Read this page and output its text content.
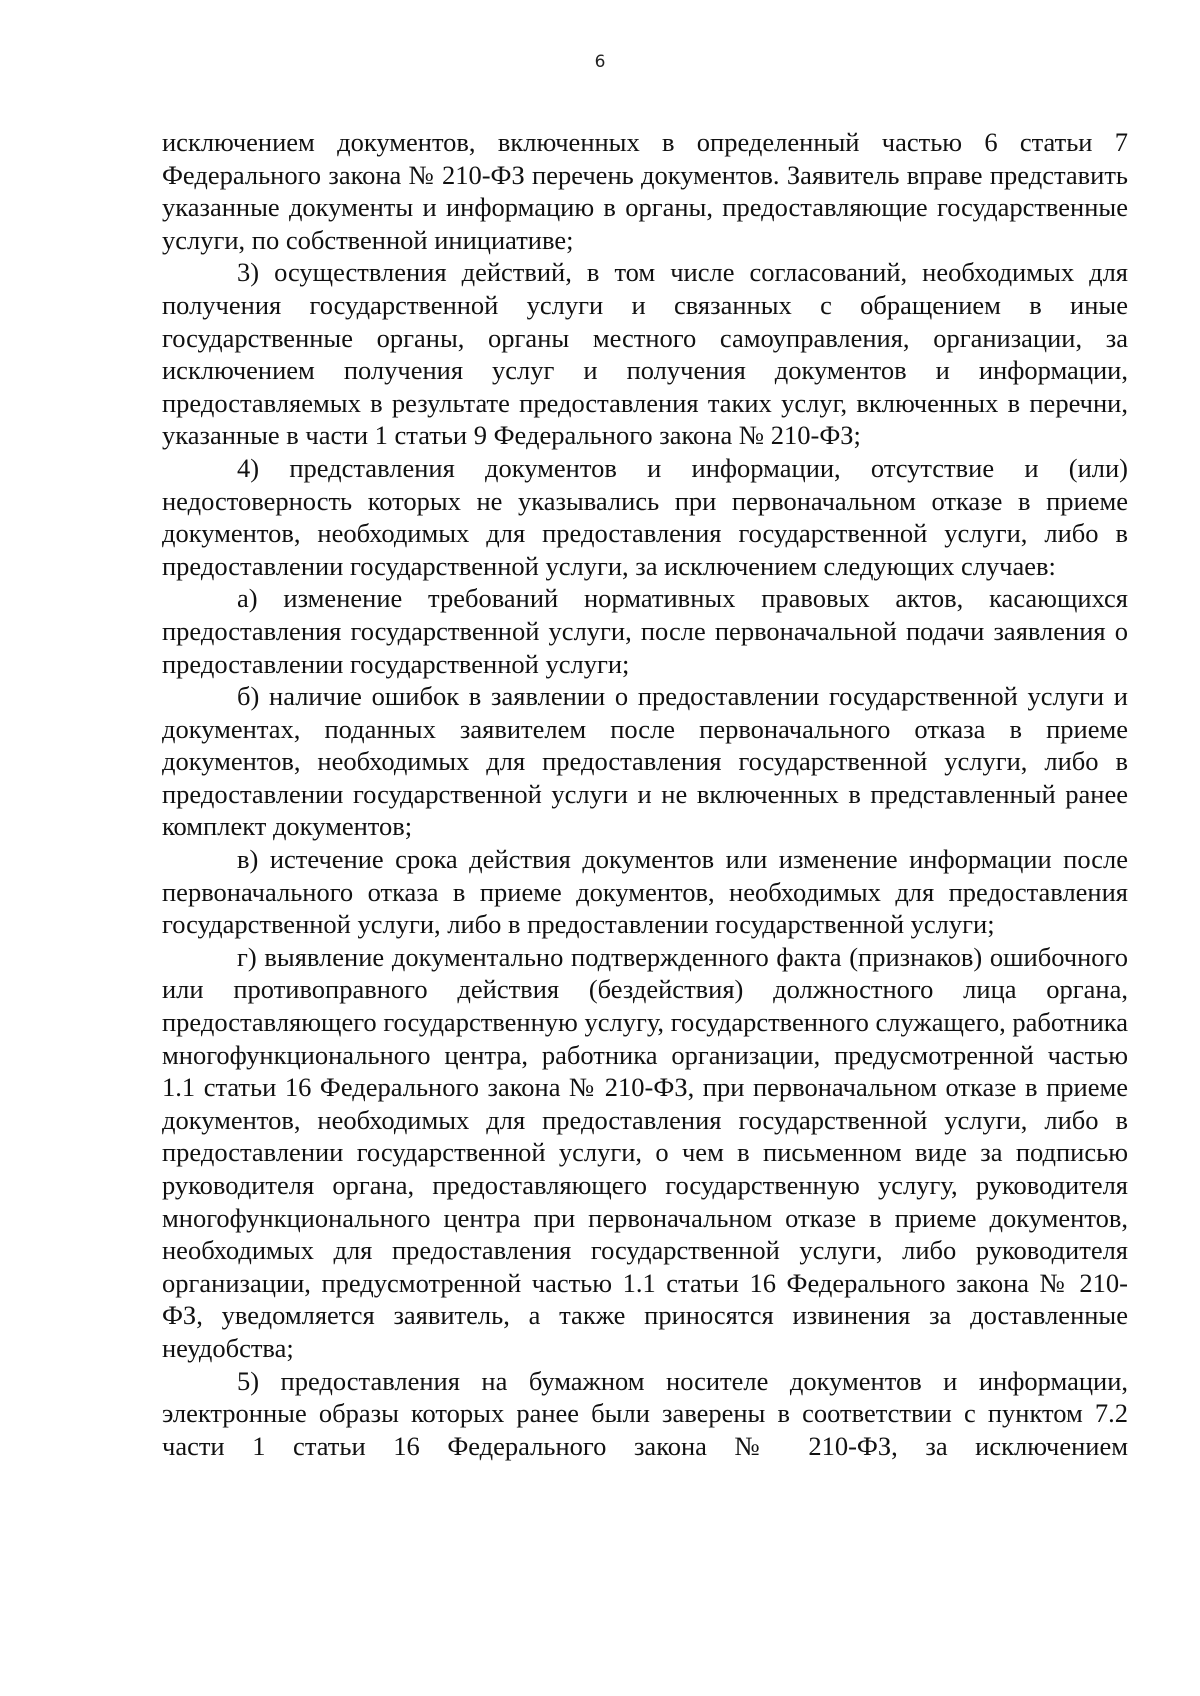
6

исключением документов, включенных в определенный частью 6 статьи 7 Федерального закона № 210-ФЗ перечень документов. Заявитель вправе представить указанные документы и информацию в органы, предоставляющие государственные услуги, по собственной инициативе;

3) осуществления действий, в том числе согласований, необходимых для получения государственной услуги и связанных с обращением в иные государственные органы, органы местного самоуправления, организации, за исключением получения услуг и получения документов и информации, предоставляемых в результате предоставления таких услуг, включенных в перечни, указанные в части 1 статьи 9 Федерального закона № 210-ФЗ;

4) представления документов и информации, отсутствие и (или) недостоверность которых не указывались при первоначальном отказе в приеме документов, необходимых для предоставления государственной услуги, либо в предоставлении государственной услуги, за исключением следующих случаев:

а) изменение требований нормативных правовых актов, касающихся предоставления государственной услуги, после первоначальной подачи заявления о предоставлении государственной услуги;

б) наличие ошибок в заявлении о предоставлении государственной услуги и документах, поданных заявителем после первоначального отказа в приеме документов, необходимых для предоставления государственной услуги, либо в предоставлении государственной услуги и не включенных в представленный ранее комплект документов;

в) истечение срока действия документов или изменение информации после первоначального отказа в приеме документов, необходимых для предоставления государственной услуги, либо в предоставлении государственной услуги;

г) выявление документально подтвержденного факта (признаков) ошибочного или противоправного действия (бездействия) должностного лица органа, предоставляющего государственную услугу, государственного служащего, работника многофункционального центра, работника организации, предусмотренной частью 1.1 статьи 16 Федерального закона № 210-ФЗ, при первоначальном отказе в приеме документов, необходимых для предоставления государственной услуги, либо в предоставлении государственной услуги, о чем в письменном виде за подписью руководителя органа, предоставляющего государственную услугу, руководителя многофункционального центра при первоначальном отказе в приеме документов, необходимых для предоставления государственной услуги, либо руководителя организации, предусмотренной частью 1.1 статьи 16 Федерального закона № 210-ФЗ, уведомляется заявитель, а также приносятся извинения за доставленные неудобства;

5) предоставления на бумажном носителе документов и информации, электронные образы которых ранее были заверены в соответствии с пунктом 7.2 части 1 статьи 16 Федерального закона № 210-ФЗ, за исключением
